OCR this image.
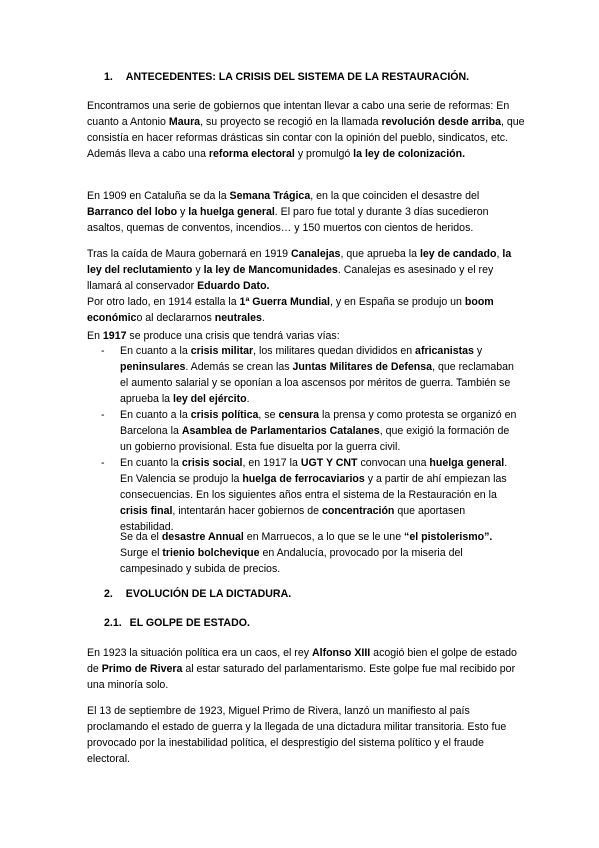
1. ANTECEDENTES: LA CRISIS DEL SISTEMA DE LA RESTAURACIÓN.
Encontramos una serie de gobiernos que intentan llevar a cabo una serie de reformas: En cuanto a Antonio Maura, su proyecto se recogió en la llamada revolución desde arriba, que consistía en hacer reformas drásticas sin contar con la opinión del pueblo, sindicatos, etc. Además lleva a cabo una reforma electoral y promulgó la ley de colonización.
En 1909 en Cataluña se da la Semana Trágica, en la que coinciden el desastre del Barranco del lobo y la huelga general. El paro fue total y durante 3 días sucedieron asaltos, quemas de conventos, incendios… y 150 muertos con cientos de heridos.
Tras la caída de Maura gobernará en 1919 Canalejas, que aprueba la ley de candado, la ley del reclutamiento y la ley de Mancomunidades. Canalejas es asesinado y el rey llamará al conservador Eduardo Dato.
Por otro lado, en 1914 estalla la 1ª Guerra Mundial, y en España se produjo un boom económico al declararnos neutrales.
En 1917 se produce una crisis que tendrá varias vías:
- En cuanto a la crisis militar, los militares quedan divididos en africanistas y peninsulares. Además se crean las Juntas Militares de Defensa, que reclamaban el aumento salarial y se oponían a loa ascensos por méritos de guerra. También se aprueba la ley del ejército.
- En cuanto a la crisis política, se censura la prensa y como protesta se organizó en Barcelona la Asamblea de Parlamentarios Catalanes, que exigió la formación de un gobierno provisional. Esta fue disuelta por la guerra civil.
- En cuanto la crisis social, en 1917 la UGT Y CNT convocan una huelga general. En Valencia se produjo la huelga de ferrocaviarios y a partir de ahí empiezan las consecuencias. En los siguientes años entra el sistema de la Restauración en la crisis final, intentarán hacer gobiernos de concentración que aportasen estabilidad.
Se da el desastre Annual en Marruecos, a lo que se le une “el pistolerismo”. Surge el trienio bolchevique en Andalucía, provocado por la miseria del campesinado y subida de precios.
2. EVOLUCIÓN DE LA DICTADURA.
2.1. EL GOLPE DE ESTADO.
En 1923 la situación política era un caos, el rey Alfonso XIII acogió bien el golpe de estado de Primo de Rivera al estar saturado del parlamentarismo. Este golpe fue mal recibido por una minoría solo.
El 13 de septiembre de 1923, Miguel Primo de Rivera, lanzó un manifiesto al país proclamando el estado de guerra y la llegada de una dictadura militar transitoria. Esto fue provocado por la inestabilidad política, el desprestigio del sistema político y el fraude electoral.
